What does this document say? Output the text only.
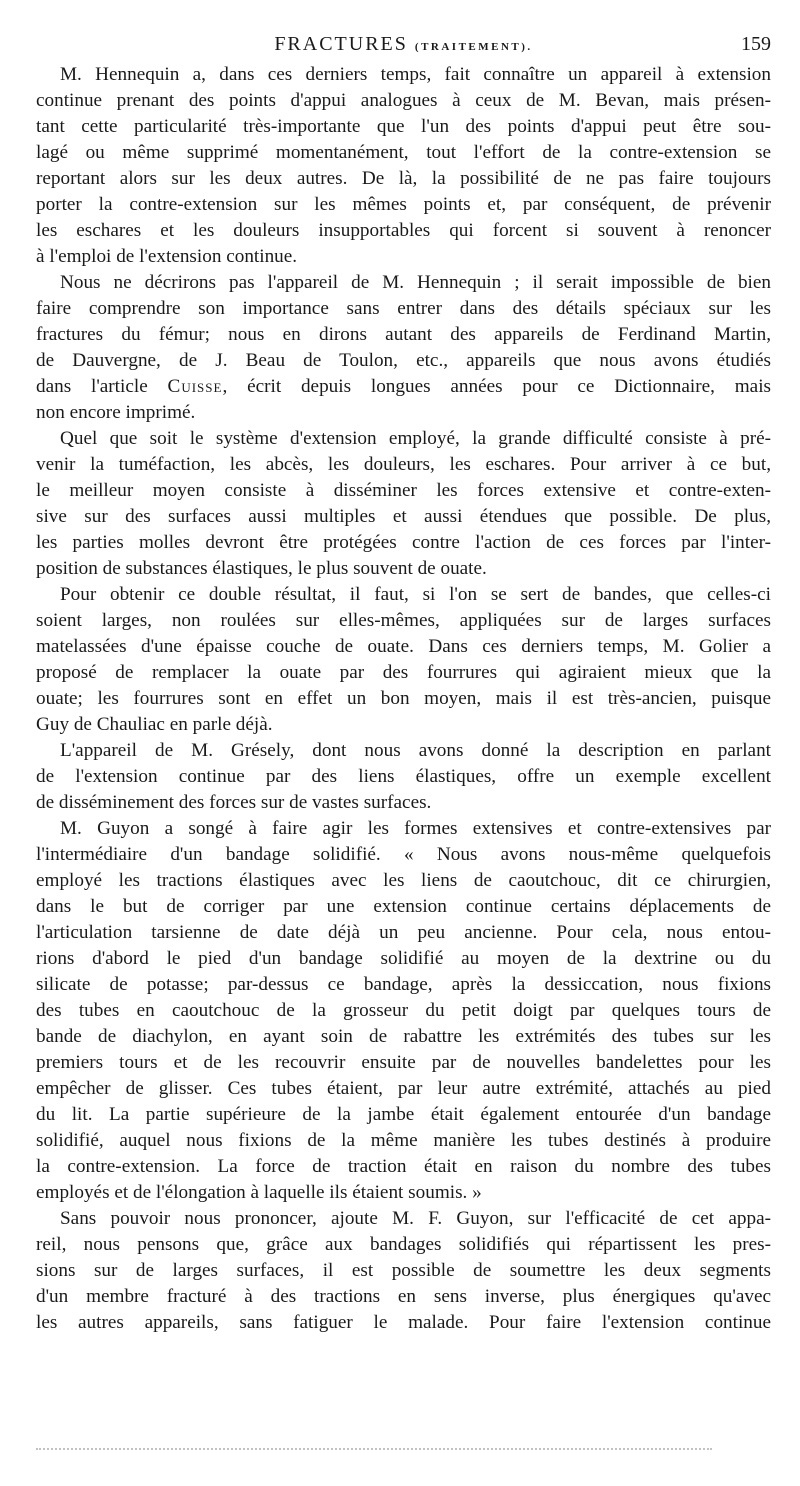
FRACTURES (TRAITEMENT).	159
M. Hennequin a, dans ces derniers temps, fait connaître un appareil à extension
continue prenant des points d'appui analogues à ceux de M. Bevan, mais présen-
tant cette particularité très-importante que l'un des points d'appui peut être sou-
lagé ou même supprimé momentanément, tout l'effort de la contre-extension se
reportant alors sur les deux autres. De là, la possibilité de ne pas faire toujours
porter la contre-extension sur les mêmes points et, par conséquent, de prévenir
les eschares et les douleurs insupportables qui forcent si souvent à renoncer
à l'emploi de l'extension continue.
Nous ne décrirons pas l'appareil de M. Hennequin ; il serait impossible de bien
faire comprendre son importance sans entrer dans des détails spéciaux sur les
fractures du fémur; nous en dirons autant des appareils de Ferdinand Martin,
de Dauvergne, de J. Beau de Toulon, etc., appareils que nous avons étudiés
dans l'article Cuisse, écrit depuis longues années pour ce Dictionnaire, mais
non encore imprimé.
Quel que soit le système d'extension employé, la grande difficulté consiste à pré-
venir la tuméfaction, les abcès, les douleurs, les eschares. Pour arriver à ce but,
le meilleur moyen consiste à disséminer les forces extensive et contre-exten-
sive sur des surfaces aussi multiples et aussi étendues que possible. De plus,
les parties molles devront être protégées contre l'action de ces forces par l'inter-
position de substances élastiques, le plus souvent de ouate.
Pour obtenir ce double résultat, il faut, si l'on se sert de bandes, que celles-ci
soient larges, non roulées sur elles-mêmes, appliquées sur de larges surfaces
matelassées d'une épaisse couche de ouate. Dans ces derniers temps, M. Golier a
proposé de remplacer la ouate par des fourrures qui agiraient mieux que la
ouate; les fourrures sont en effet un bon moyen, mais il est très-ancien, puisque
Guy de Chauliac en parle déjà.
L'appareil de M. Grésely, dont nous avons donné la description en parlant
de l'extension continue par des liens élastiques, offre un exemple excellent
de disséminement des forces sur de vastes surfaces.
M. Guyon a songé à faire agir les formes extensives et contre-extensives par
l'intermédiaire d'un bandage solidifié. « Nous avons nous-même quelquefois
employé les tractions élastiques avec les liens de caoutchouc, dit ce chirurgien,
dans le but de corriger par une extension continue certains déplacements de
l'articulation tarsienne de date déjà un peu ancienne. Pour cela, nous entou-
rions d'abord le pied d'un bandage solidifié au moyen de la dextrine ou du
silicate de potasse; par-dessus ce bandage, après la dessiccation, nous fixions
des tubes en caoutchouc de la grosseur du petit doigt par quelques tours de
bande de diachylon, en ayant soin de rabattre les extrémités des tubes sur les
premiers tours et de les recouvrir ensuite par de nouvelles bandelettes pour les
empêcher de glisser. Ces tubes étaient, par leur autre extrémité, attachés au pied
du lit. La partie supérieure de la jambe était également entourée d'un bandage
solidifié, auquel nous fixions de la même manière les tubes destinés à produire
la contre-extension. La force de traction était en raison du nombre des tubes
employés et de l'élongation à laquelle ils étaient soumis. »
Sans pouvoir nous prononcer, ajoute M. F. Guyon, sur l'efficacité de cet appa-
reil, nous pensons que, grâce aux bandages solidifiés qui répartissent les pres-
sions sur de larges surfaces, il est possible de soumettre les deux segments
d'un membre fracturé à des tractions en sens inverse, plus énergiques qu'avec
les autres appareils, sans fatiguer le malade. Pour faire l'extension continue
